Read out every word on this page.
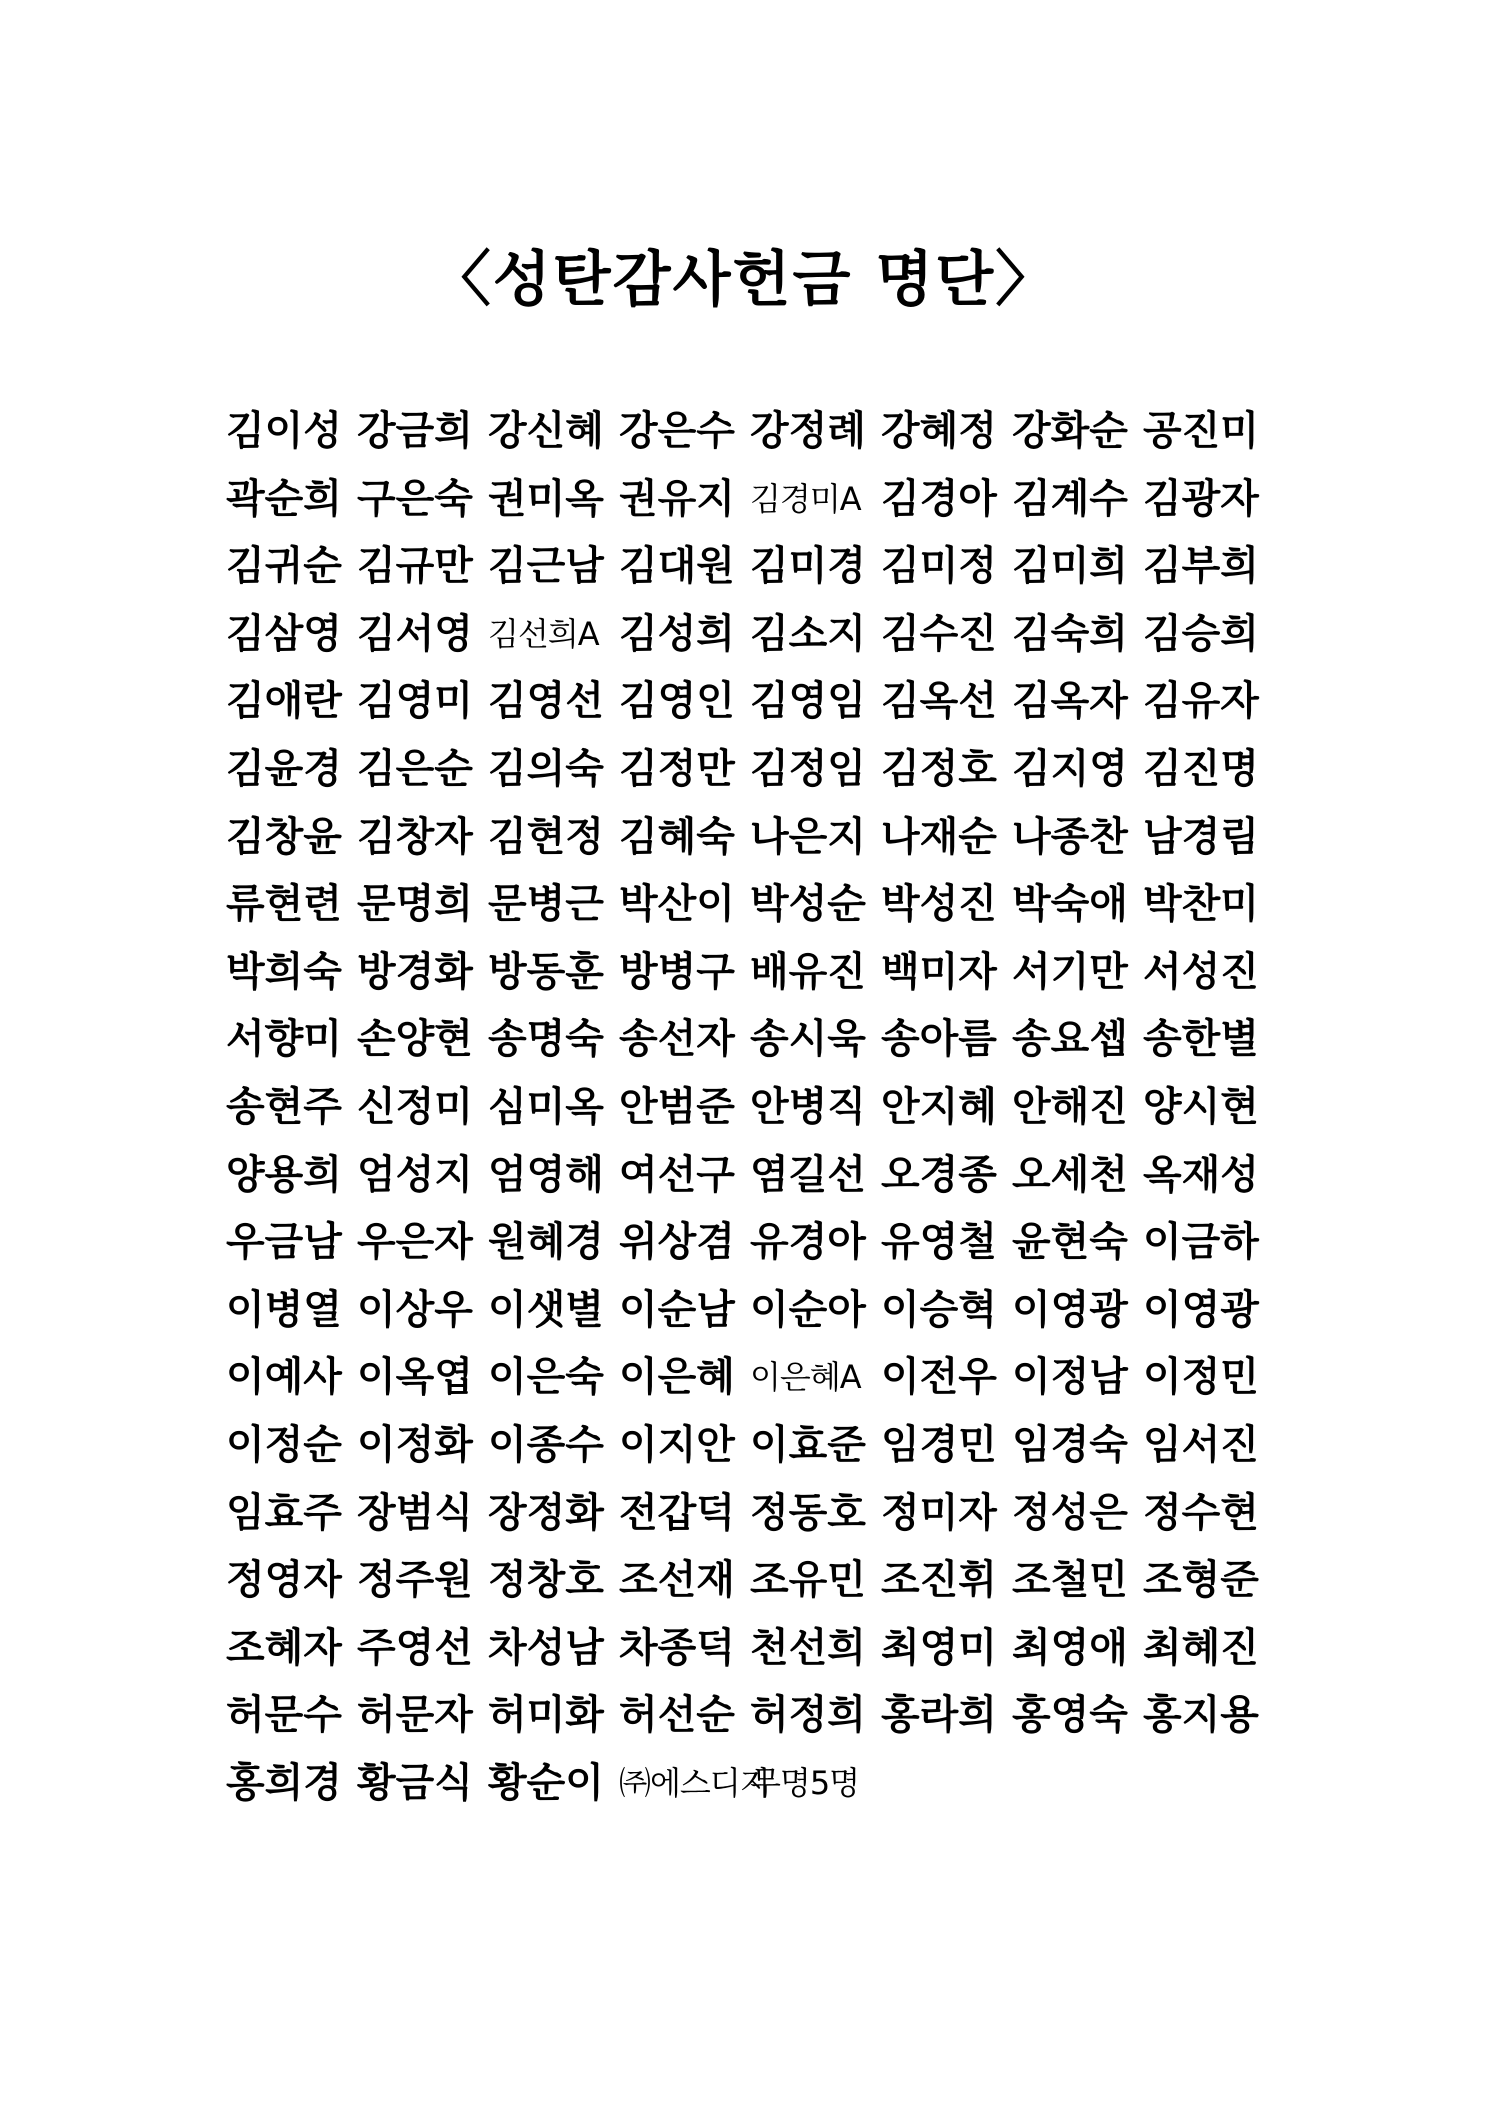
〈성탄감사헌금 명단〉
김이성 강금희 강신혜 강은수 강정례 강혜정 강화순 공진미
곽순희 구은숙 권미옥 권유지 김경미A 김경아 김계수 김광자
김귀순 김규만 김근남 김대원 김미경 김미정 김미희 김부희
김삼영 김서영 김선희A 김성희 김소지 김수진 김숙희 김승희
김애란 김영미 김영선 김영인 김영임 김옥선 김옥자 김유자
김윤경 김은순 김의숙 김정만 김정임 김정호 김지영 김진명
김창윤 김창자 김현정 김혜숙 나은지 나재순 나종찬 남경림
류현련 문명희 문병근 박산이 박성순 박성진 박숙애 박찬미
박희숙 방경화 방동훈 방병구 배유진 백미자 서기만 서성진
서향미 손양현 송명숙 송선자 송시욱 송아름 송요셉 송한별
송현주 신정미 심미옥 안범준 안병직 안지혜 안해진 양시현
양용희 엄성지 엄영해 여선구 염길선 오경종 오세천 옥재성
우금남 우은자 원혜경 위상겸 유경아 유영철 윤현숙 이금하
이병열 이상우 이샛별 이순남 이순아 이승혁 이영광 이영광
이예사 이옥엽 이은숙 이은혜 이은혜A 이전우 이정남 이정민
이정순 이정화 이종수 이지안 이효준 임경민 임경숙 임서진
임효주 장범식 장정화 전갑덕 정동호 정미자 정성은 정수현
정영자 정주원 정창호 조선재 조유민 조진휘 조철민 조형준
조혜자 주영선 차성남 차종덕 천선희 최영미 최영애 최혜진
허문수 허문자 허미화 허선순 허정희 홍라희 홍영숙 홍지용
홍희경 황금식 황순이 ㈜에스디지
무명5명
